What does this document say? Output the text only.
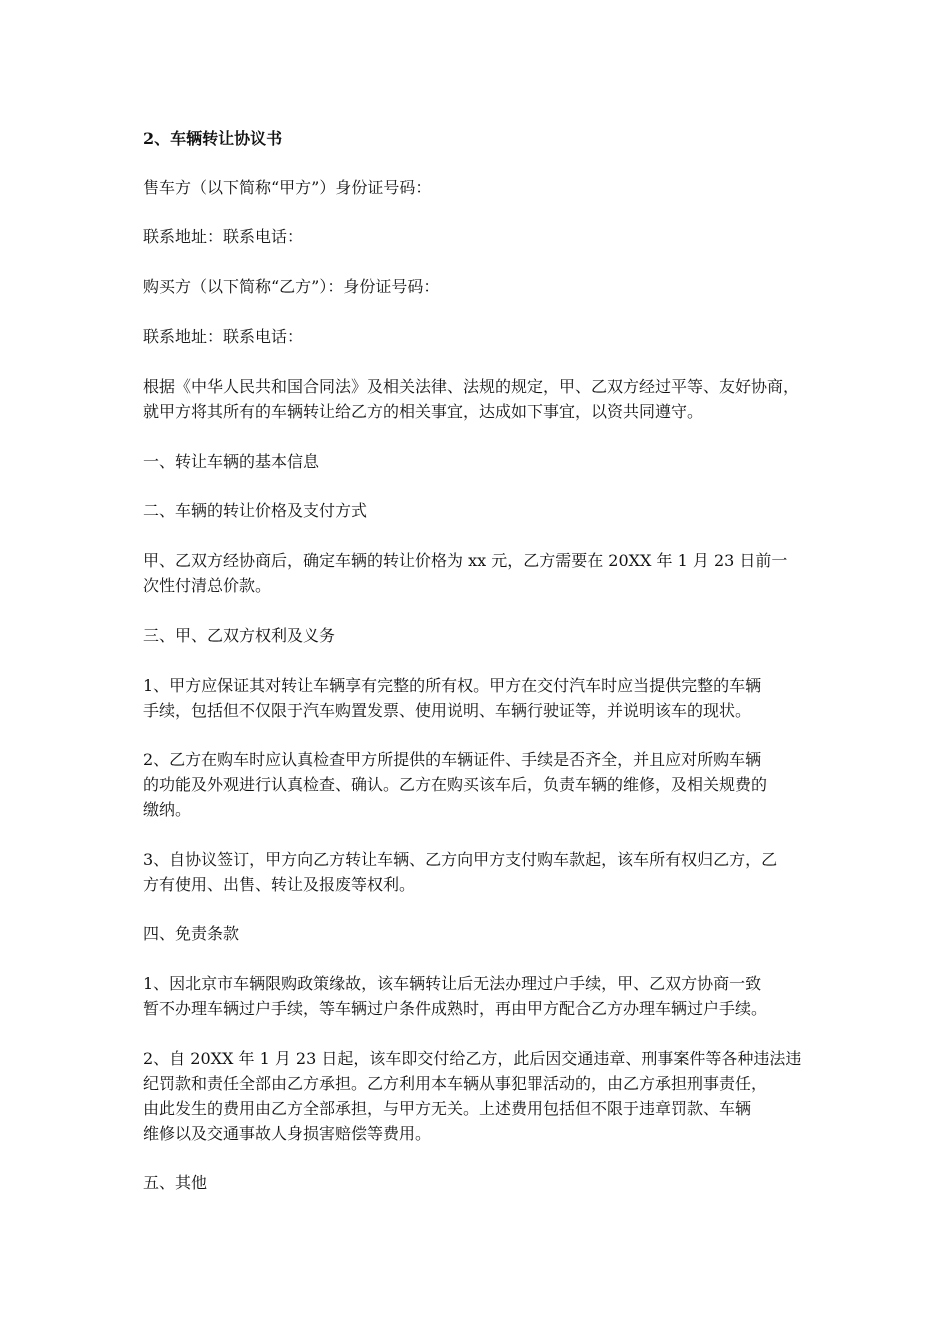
2、车辆转让协议书
售车方（以下简称“甲方”）身份证号码：
联系地址：联系电话：
购买方（以下简称“乙方”）：身份证号码：
联系地址：联系电话：
根据《中华人民共和国合同法》及相关法律、法规的规定，甲、乙双方经过平等、友好协商，
就甲方将其所有的车辆转让给乙方的相关事宜，达成如下事宜，以资共同遵守。
一、转让车辆的基本信息
二、车辆的转让价格及支付方式
甲、乙双方经协商后，确定车辆的转让价格为 xx 元，乙方需要在 20XX 年 1 月 23 日前一
次性付清总价款。
三、甲、乙双方权利及义务
1、甲方应保证其对转让车辆享有完整的所有权。甲方在交付汽车时应当提供完整的车辆
手续，包括但不仅限于汽车购置发票、使用说明、车辆行驶证等，并说明该车的现状。
2、乙方在购车时应认真检查甲方所提供的车辆证件、手续是否齐全，并且应对所购车辆
的功能及外观进行认真检查、确认。乙方在购买该车后，负责车辆的维修，及相关规费的
缴纳。
3、自协议签订，甲方向乙方转让车辆、乙方向甲方支付购车款起，该车所有权归乙方，乙
方有使用、出售、转让及报废等权利。
四、免责条款
1、因北京市车辆限购政策缘故，该车辆转让后无法办理过户手续，甲、乙双方协商一致
暂不办理车辆过户手续，等车辆过户条件成熟时，再由甲方配合乙方办理车辆过户手续。
2、自 20XX 年 1 月 23 日起，该车即交付给乙方，此后因交通违章、刑事案件等各种违法违
纪罚款和责任全部由乙方承担。乙方利用本车辆从事犯罪活动的，由乙方承担刑事责任，
由此发生的费用由乙方全部承担，与甲方无关。上述费用包括但不限于违章罚款、车辆
维修以及交通事故人身损害赔偿等费用。
五、其他
